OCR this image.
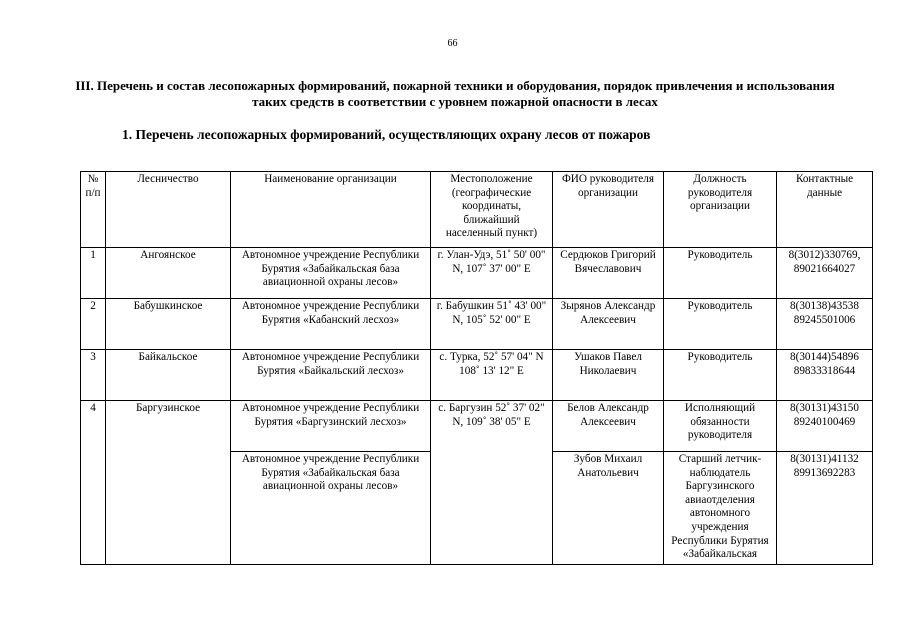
66
III. Перечень и состав лесопожарных формирований, пожарной техники и оборудования, порядок привлечения и использования таких средств в соответствии с уровнем пожарной опасности в лесах
1. Перечень лесопожарных формирований, осуществляющих охрану лесов от пожаров
№ п/п	Лесничество	Наименование организации	Местоположение (географические координаты, ближайший населенный пункт)	ФИО руководителя организации	Должность руководителя организации	Контактные данные
1	Ангоянское	Автономное учреждение Республики Бурятия «Забайкальская база авиационной охраны лесов»	г. Улан-Удэ, 51˚ 50' 00" N, 107˚ 37' 00" E	Сердюков Григорий Вячеславович	Руководитель	8(3012)330769, 89021664027
2	Бабушкинское	Автономное учреждение Республики Бурятия «Кабанский лесхоз»	г. Бабушкин 51˚ 43' 00" N, 105˚ 52' 00" E	Зырянов Александр Алексеевич	Руководитель	8(30138)43538 89245501006
3	Байкальское	Автономное учреждение Республики Бурятия «Байкальский лесхоз»	с. Турка, 52˚ 57' 04" N 108˚ 13' 12" E	Ушаков Павел Николаевич	Руководитель	8(30144)54896 89833318644
4	Баргузинское	Автономное учреждение Республики Бурятия «Баргузинский лесхоз»	с. Баргузин 52˚ 37' 02" N, 109˚ 38' 05" E	Белов Александр Алексеевич	Исполняющий обязанности руководителя	8(30131)43150 89240100469
		Автономное учреждение Республики Бурятия «Забайкальская база авиационной охраны лесов»		Зубов Михаил Анатольевич	Старший летчик-наблюдатель Баргузинского авиаотделения автономного учреждения Республики Бурятия «Забайкальская	8(30131)41132 89913692283
